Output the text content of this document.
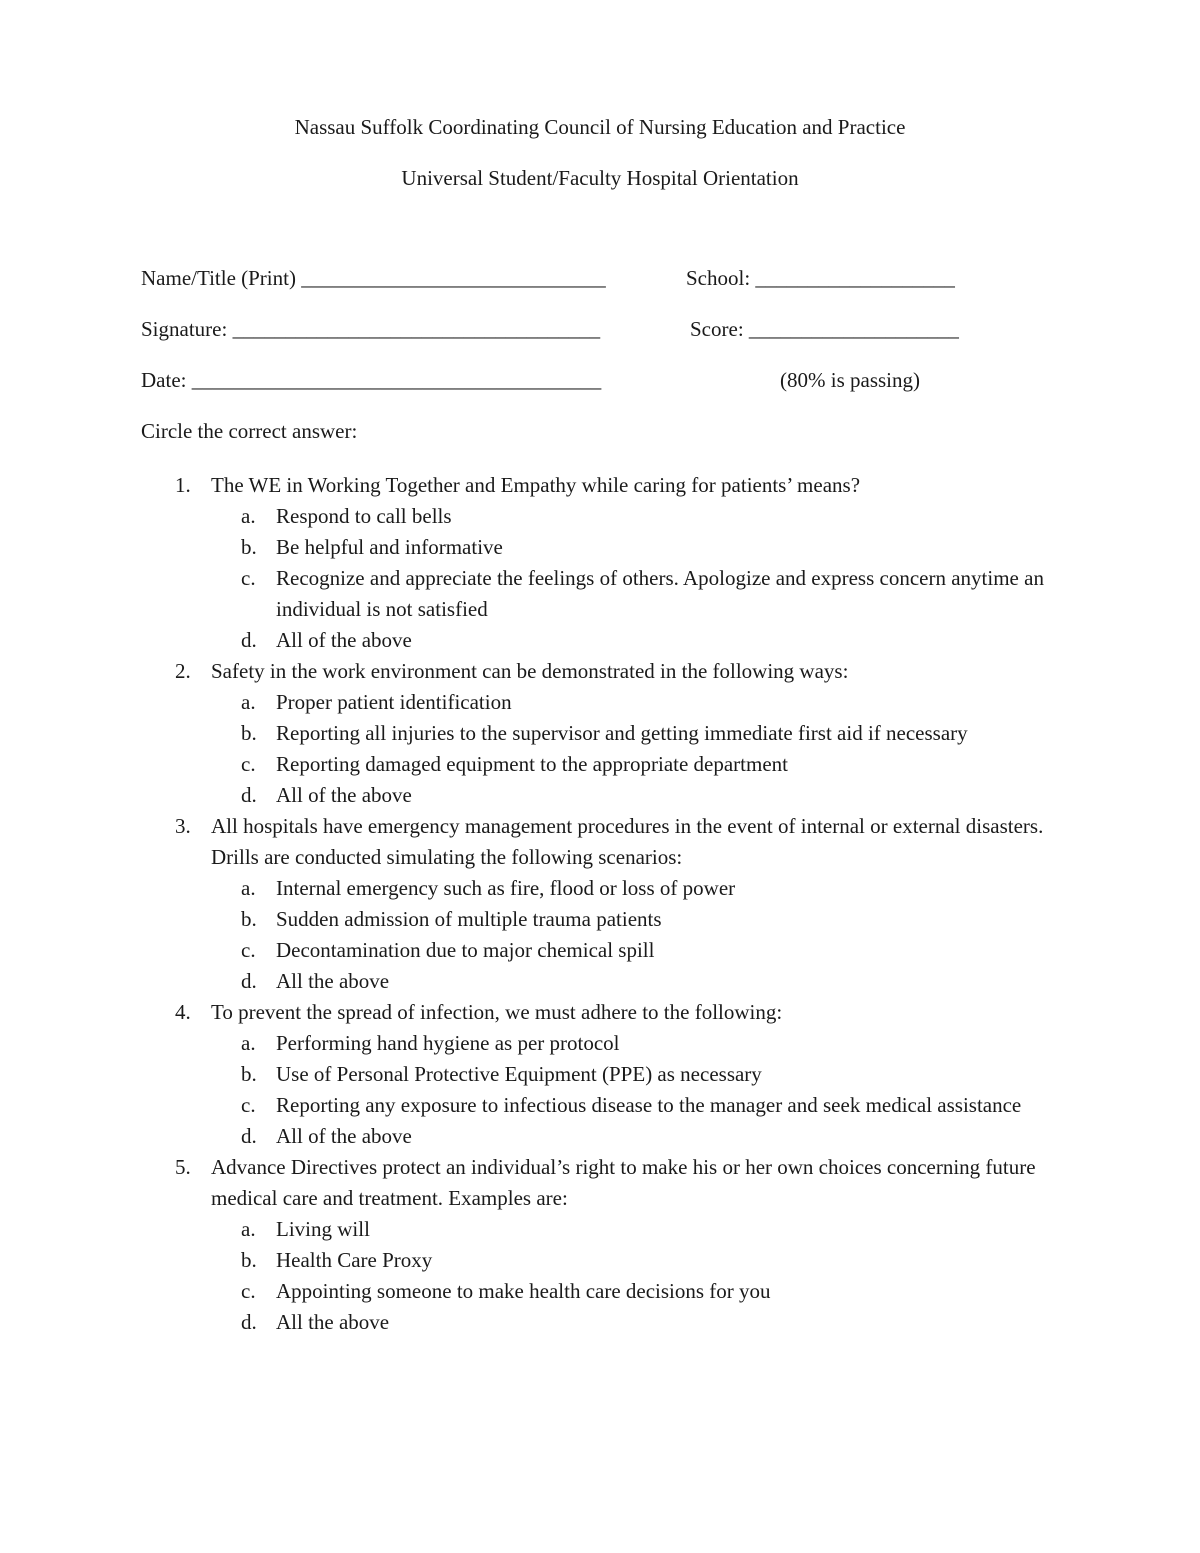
Nassau Suffolk Coordinating Council of Nursing Education and Practice
Universal Student/Faculty Hospital Orientation
Name/Title (Print) _____________________________	School: ___________________
Signature: ___________________________________	Score: ____________________
Date: _______________________________________	(80% is passing)
Circle the correct answer:
1. The WE in Working Together and Empathy while caring for patients’ means?
a. Respond to call bells
b. Be helpful and informative
c. Recognize and appreciate the feelings of others. Apologize and express concern anytime an individual is not satisfied
d. All of the above
2. Safety in the work environment can be demonstrated in the following ways:
a. Proper patient identification
b. Reporting all injuries to the supervisor and getting immediate first aid if necessary
c. Reporting damaged equipment to the appropriate department
d. All of the above
3. All hospitals have emergency management procedures in the event of internal or external disasters. Drills are conducted simulating the following scenarios:
a. Internal emergency such as fire, flood or loss of power
b. Sudden admission of multiple trauma patients
c. Decontamination due to major chemical spill
d. All the above
4. To prevent the spread of infection, we must adhere to the following:
a. Performing hand hygiene as per protocol
b. Use of Personal Protective Equipment (PPE) as necessary
c. Reporting any exposure to infectious disease to the manager and seek medical assistance
d. All of the above
5. Advance Directives protect an individual’s right to make his or her own choices concerning future medical care and treatment. Examples are:
a. Living will
b. Health Care Proxy
c. Appointing someone to make health care decisions for you
d. All the above
